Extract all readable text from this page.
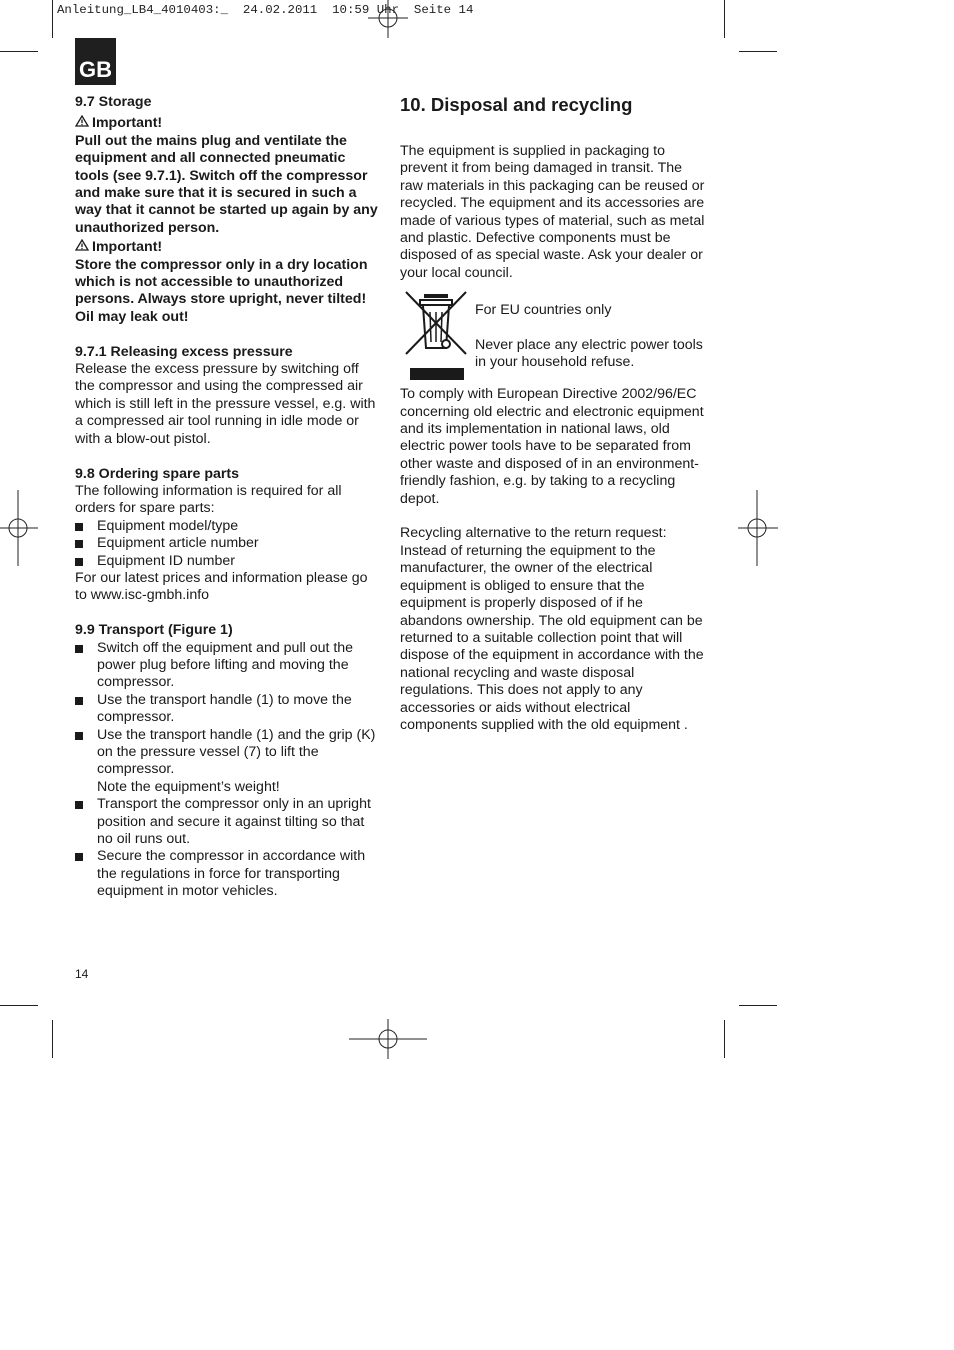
Anleitung_LB4_4010403:_  24.02.2011  10:59 Uhr  Seite 14
GB

9.7 Storage

Important!

Pull out the mains plug and ventilate the equipment and all connected pneumatic tools (see 9.7.1). Switch off the compressor and make sure that it is secured in such a way that it cannot be started up again by any unauthorized person.

Important!

Store the compressor only in a dry location which is not accessible to unauthorized persons. Always store upright, never tilted! Oil may leak out!

9.7.1 Releasing excess pressure

Release the excess pressure by switching off the compressor and using the compressed air which is still left in the pressure vessel, e.g. with a compressed air tool running in idle mode or with a blow-out pistol.

9.8 Ordering spare parts

The following information is required for all orders for spare parts:

Equipment model/type
Equipment article number
Equipment ID number

For our latest prices and information please go to www.isc-gmbh.info

9.9 Transport (Figure 1)

Switch off the equipment and pull out the power plug before lifting and moving the compressor.
Use the transport handle (1) to move the compressor.
Use the transport handle (1) and the grip (K) on the pressure vessel (7) to lift the compressor.
Note the equipment’s weight!
Transport the compressor only in an upright position and secure it against tilting so that no oil runs out.
Secure the compressor in accordance with the regulations in force for transporting equipment in motor vehicles.

10. Disposal and recycling

The equipment is supplied in packaging to prevent it from being damaged in transit. The raw materials in this packaging can be reused or recycled. The equipment and its accessories are made of various types of material, such as metal and plastic. Defective components must be disposed of as special waste. Ask your dealer or your local council.

For EU countries only

Never place any electric power tools in your household refuse.

To comply with European Directive 2002/96/EC concerning old electric and electronic equipment and its implementation in national laws, old electric power tools have to be separated from other waste and disposed of in an environment-friendly fashion, e.g. by taking to a recycling depot.

Recycling alternative to the return request:

Instead of returning the equipment to the manufacturer, the owner of the electrical equipment is obliged to ensure that the equipment is properly disposed of if he abandons ownership. The old equipment can be returned to a suitable collection point that will dispose of the equipment in accordance with the national recycling and waste disposal regulations. This does not apply to any accessories or aids without electrical components supplied with the old equipment .

14
